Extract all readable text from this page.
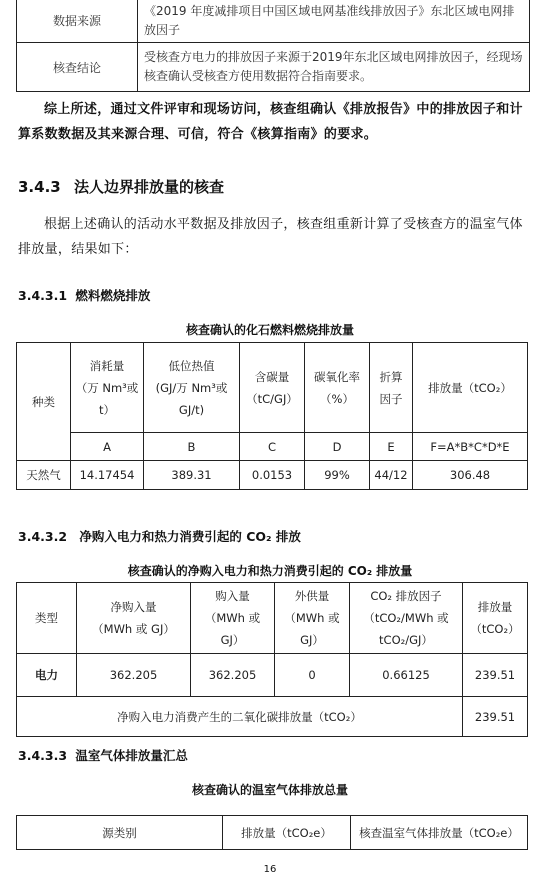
数据来源	《2019 年度减排项目中国区域电网基准线排放因子》东北区域电网排放因子
核查结论	受核查方电力的排放因子来源于2019年东北区域电网排放因子，经现场核查确认受核查方使用数据符合指南要求。
综上所述，通过文件评审和现场访问，核查组确认《排放报告》中的排放因子和计算系数数据及其来源合理、可信，符合《核算指南》的要求。
3.4.3 法人边界排放量的核查
根据上述确认的活动水平数据及排放因子，核查组重新计算了受核查方的温室气体排放量，结果如下：
3.4.3.1 燃料燃烧排放
核查确认的化石燃料燃烧排放量
种类	消耗量
（万 Nm³或
t）	低位热值
(GJ/万 Nm³或
GJ/t)	含碳量
（tC/GJ）	碳氧化率
（%）	折算
因子	排放量（tCO₂）

	A	B	C	D	E	F=A*B*C*D*E
天然气	14.17454	389.31	0.0153	99%	44/12	306.48
3.4.3.2 净购入电力和热力消费引起的 CO₂ 排放
核查确认的净购入电力和热力消费引起的 CO₂ 排放量
类型	净购入量
（MWh 或 GJ）	购入量
（MWh 或
GJ）	外供量
（MWh 或
GJ）	CO₂ 排放因子
（tCO₂/MWh 或
tCO₂/GJ）	排放量
（tCO₂）

电力	362.205	362.205	0	0.66125	239.51
净购入电力消费产生的二氧化碳排放量（tCO₂）					239.51
3.4.3.3 温室气体排放量汇总
核查确认的温室气体排放总量
源类别	排放量（tCO₂e）	核查温室气体排放量（tCO₂e）
16
